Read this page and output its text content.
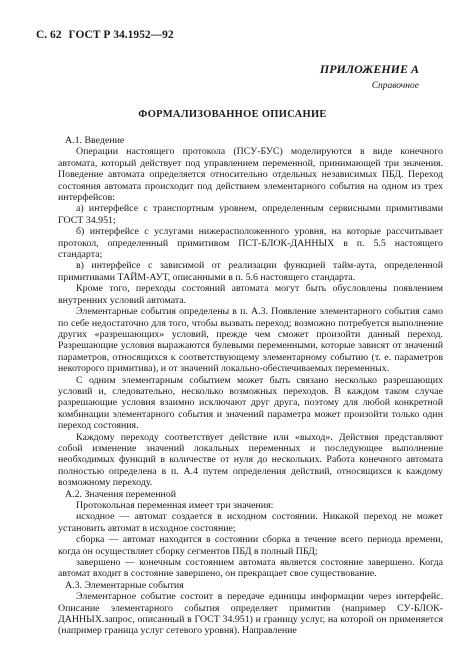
С. 62 ГОСТ Р 34.1952—92
ПРИЛОЖЕНИЕ А
Справочное
ФОРМАЛИЗОВАННОЕ ОПИСАНИЕ

А.1. Введение

Операции настоящего протокола (ПСУ-БУС) моделируются в виде конечного автомата, который действует под управлением переменной, принимающей три значения. Поведение автомата определяется относительно отдельных независимых ПБД. Переход состояния автомата происходит под действием элементарного события на одном из трех интерфейсов:

а) интерфейсе с транспортным уровнем, определенным сервисными примитивами ГОСТ 34.951;

б) интерфейсе с услугами нижерасположенного уровня, на которые рассчитывает протокол, определенный примитивом ПСТ-БЛОК-ДАННЫХ в п. 5.5 настоящего стандарта;

в) интерфейсе с зависимой от реализации функцией тайм-аута, определенной примитивами ТАЙМ-АУТ, описанными в п. 5.6 настоящего стандарта.

Кроме того, переходы состояний автомата могут быть обусловлены появлением внутренних условий автомата.

Элементарные события определены в п. А.3. Появление элементарного события само по себе недостаточно для того, чтобы вызвать переход; возможно потребуется выполнение других «разрешающих» условий, прежде чем сможет произойти данный переход. Разрешающие условия выражаются булевыми переменными, которые зависят от значений параметров, относящихся к соответствующему элементарному событию (т. е. параметров некоторого примитива), и от значений локально-обеспечиваемых переменных.

С одним элементарным событием может быть связано несколько разрешающих условий и, следовательно, несколько возможных переходов. В каждом таком случае разрешающие условия взаимно исключают друг друга, поэтому для любой конкретной комбинации элементарного события и значений параметра может произойти только один переход состояния.

Каждому переходу соответствует действие или «выход». Действия представляют собой изменение значений локальных переменных и последующее выполнение необходимых функций в количестве от нуля до нескольких. Работа конечного автомата полностью определена в п. А.4 путем определения действий, относящихся к каждому возможному переходу.

А.2. Значения переменной

Протокольная переменная имеет три значения:

исходное — автомат создается в исходном состоянии. Никакой переход не может установить автомат в исходное состояние;

сборка — автомат находится в состоянии сборка в течение всего периода времени, когда он осуществляет сборку сегментов ПБД в полный ПБД;

завершено — конечным состоянием автомата является состояние завершено. Когда автомат входит в состояние завершено, он прекращает свое существование.

А.3. Элементарные события

Элементарное событие состоит в передаче единицы информации через интерфейс. Описание элементарного события определяет примитив (например СУ-БЛОК-ДАННЫХ.запрос, описанный в ГОСТ 34.951) и границу услуг, на которой он применяется (например граница услуг сетевого уровня). Направление
